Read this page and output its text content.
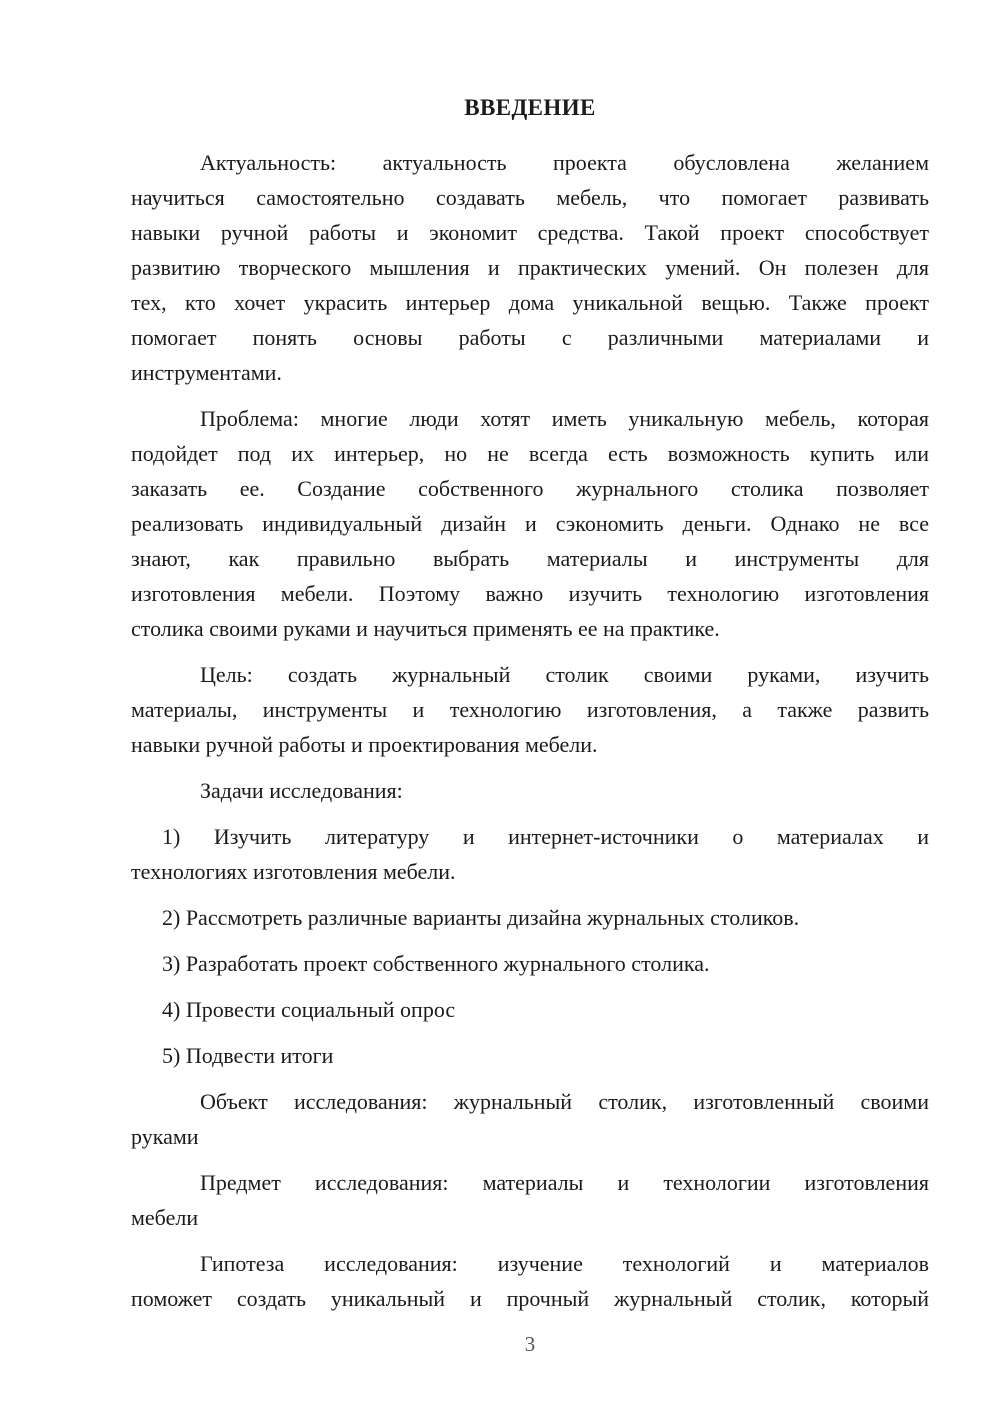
ВВЕДЕНИЕ
Актуальность: актуальность проекта обусловлена желанием
научиться самостоятельно создавать мебель, что помогает развивать
навыки ручной работы и экономит средства. Такой проект способствует
развитию творческого мышления и практических умений. Он полезен для
тех, кто хочет украсить интерьер дома уникальной вещью. Также проект
помогает понять основы работы с различными материалами и
инструментами.
Проблема: многие люди хотят иметь уникальную мебель, которая
подойдет под их интерьер, но не всегда есть возможность купить или
заказать ее. Создание собственного журнального столика позволяет
реализовать индивидуальный дизайн и сэкономить деньги. Однако не все
знают, как правильно выбрать материалы и инструменты для
изготовления мебели. Поэтому важно изучить технологию изготовления
столика своими руками и научиться применять ее на практике.
Цель: создать журнальный столик своими руками, изучить
материалы, инструменты и технологию изготовления, а также развить
навыки ручной работы и проектирования мебели.
Задачи исследования:
1) Изучить литературу и интернет-источники о материалах и
технологиях изготовления мебели.
2) Рассмотреть различные варианты дизайна журнальных столиков.
3) Разработать проект собственного журнального столика.
4) Провести социальный опрос
5) Подвести итоги
Объект исследования: журнальный столик, изготовленный своими
руками
Предмет исследования: материалы и технологии изготовления
мебели
Гипотеза исследования: изучение технологий и материалов
поможет создать уникальный и прочный журнальный столик, который
3
